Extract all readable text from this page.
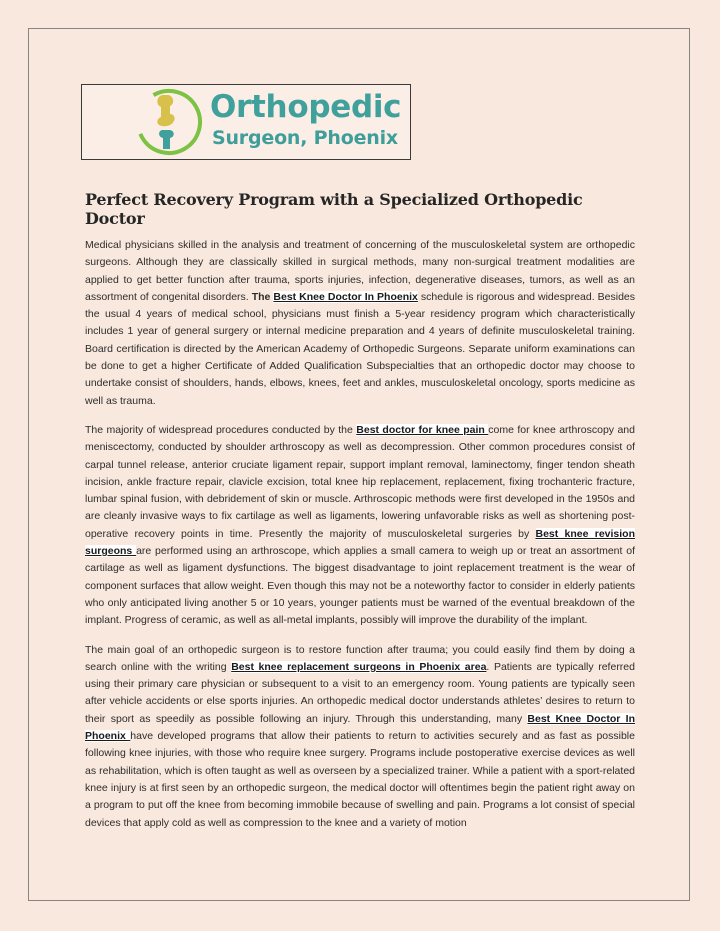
Orthopedic
Surgeon, Phoenix
Perfect Recovery Program with a Specialized Orthopedic Doctor

Medical physicians skilled in the analysis and treatment of concerning of the musculoskeletal system are orthopedic surgeons. Although they are classically skilled in surgical methods, many non-surgical treatment modalities are applied to get better function after trauma, sports injuries, infection, degenerative diseases, tumors, as well as an assortment of congenital disorders. The Best Knee Doctor In Phoenix schedule is rigorous and widespread. Besides the usual 4 years of medical school, physicians must finish a 5-year residency program which characteristically includes 1 year of general surgery or internal medicine preparation and 4 years of definite musculoskeletal training. Board certification is directed by the American Academy of Orthopedic Surgeons. Separate uniform examinations can be done to get a higher Certificate of Added Qualification Subspecialties that an orthopedic doctor may choose to undertake consist of shoulders, hands, elbows, knees, feet and ankles, musculoskeletal oncology, sports medicine as well as trauma.

The majority of widespread procedures conducted by the Best doctor for knee pain come for knee arthroscopy and meniscectomy, conducted by shoulder arthroscopy as well as decompression. Other common procedures consist of carpal tunnel release, anterior cruciate ligament repair, support implant removal, laminectomy, finger tendon sheath incision, ankle fracture repair, clavicle excision, total knee hip replacement, replacement, fixing trochanteric fracture, lumbar spinal fusion, with debridement of skin or muscle. Arthroscopic methods were first developed in the 1950s and are cleanly invasive ways to fix cartilage as well as ligaments, lowering unfavorable risks as well as shortening post-operative recovery points in time. Presently the majority of musculoskeletal surgeries by Best knee revision surgeons are performed using an arthroscope, which applies a small camera to weigh up or treat an assortment of cartilage as well as ligament dysfunctions. The biggest disadvantage to joint replacement treatment is the wear of component surfaces that allow weight. Even though this may not be a noteworthy factor to consider in elderly patients who only anticipated living another 5 or 10 years, younger patients must be warned of the eventual breakdown of the implant. Progress of ceramic, as well as all-metal implants, possibly will improve the durability of the implant.

The main goal of an orthopedic surgeon is to restore function after trauma; you could easily find them by doing a search online with the writing Best knee replacement surgeons in Phoenix area. Patients are typically referred using their primary care physician or subsequent to a visit to an emergency room. Young patients are typically seen after vehicle accidents or else sports injuries. An orthopedic medical doctor understands athletes’ desires to return to their sport as speedily as possible following an injury. Through this understanding, many Best Knee Doctor In Phoenix have developed programs that allow their patients to return to activities securely and as fast as possible following knee injuries, with those who require knee surgery. Programs include postoperative exercise devices as well as rehabilitation, which is often taught as well as overseen by a specialized trainer. While a patient with a sport-related knee injury is at first seen by an orthopedic surgeon, the medical doctor will oftentimes begin the patient right away on a program to put off the knee from becoming immobile because of swelling and pain. Programs a lot consist of special devices that apply cold as well as compression to the knee and a variety of motion
